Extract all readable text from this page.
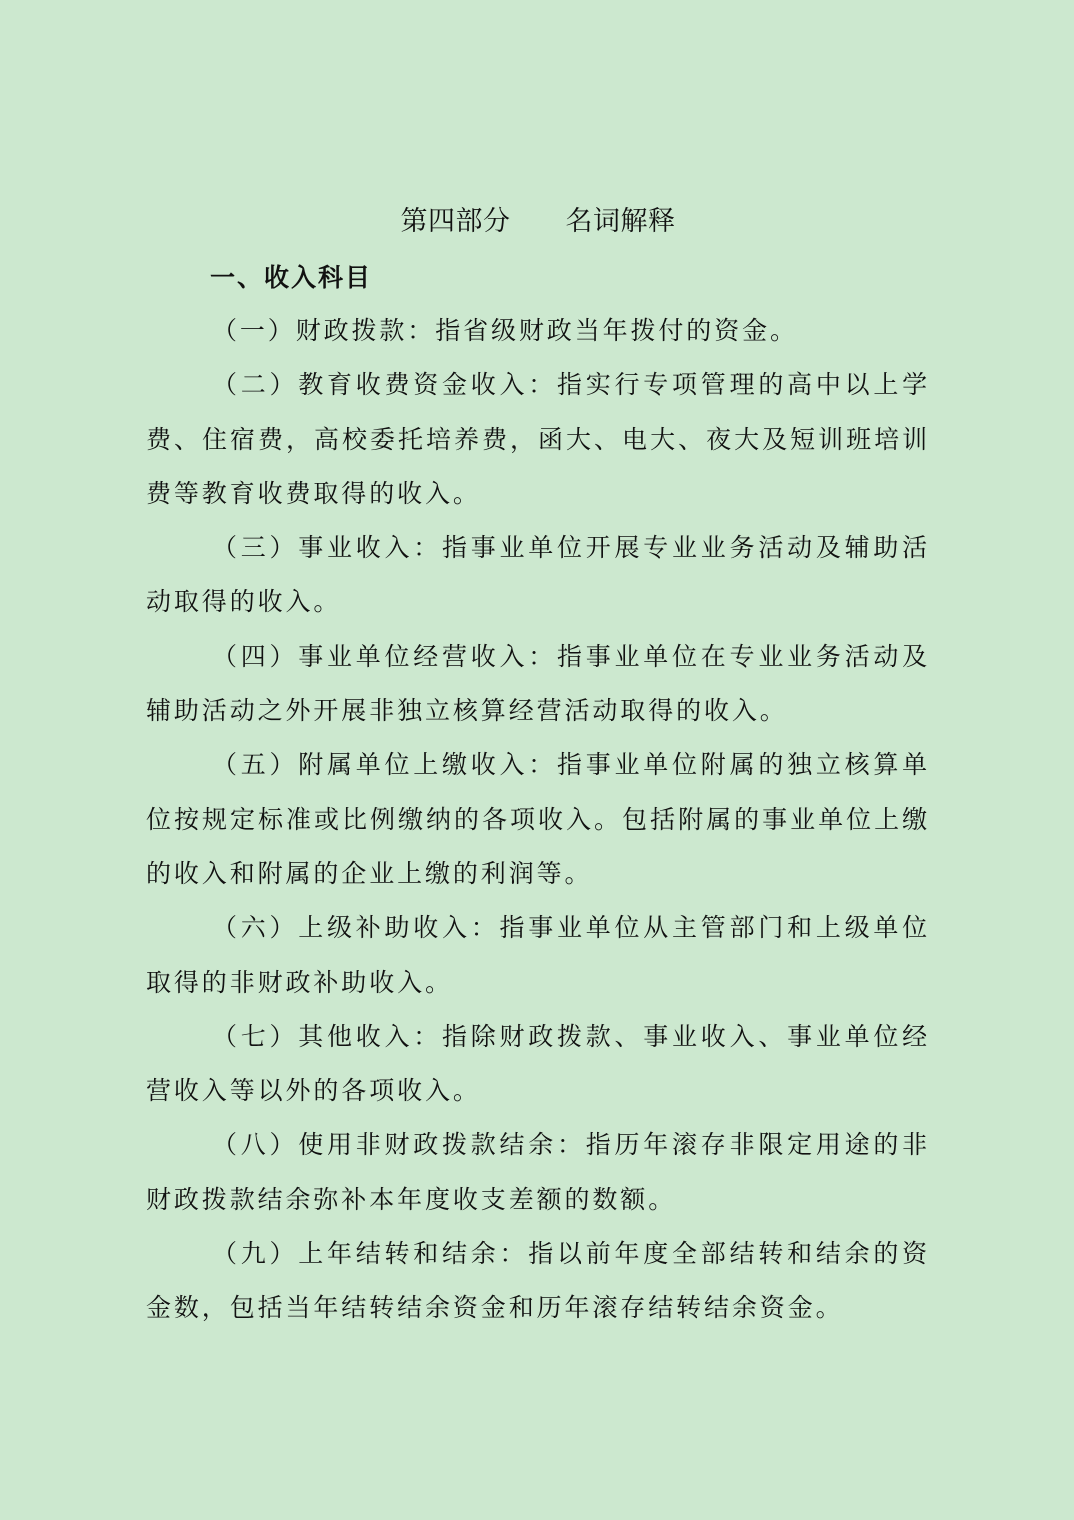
第四部分　　名词解释
一、收入科目

（一）财政拨款：指省级财政当年拨付的资金。

（二）教育收费资金收入：指实行专项管理的高中以上学费、住宿费，高校委托培养费，函大、电大、夜大及短训班培训费等教育收费取得的收入。

（三）事业收入：指事业单位开展专业业务活动及辅助活动取得的收入。

（四）事业单位经营收入：指事业单位在专业业务活动及辅助活动之外开展非独立核算经营活动取得的收入。

（五）附属单位上缴收入：指事业单位附属的独立核算单位按规定标准或比例缴纳的各项收入。包括附属的事业单位上缴的收入和附属的企业上缴的利润等。

（六）上级补助收入：指事业单位从主管部门和上级单位取得的非财政补助收入。

（七）其他收入：指除财政拨款、事业收入、事业单位经营收入等以外的各项收入。

（八）使用非财政拨款结余：指历年滚存非限定用途的非财政拨款结余弥补本年度收支差额的数额。

（九）上年结转和结余：指以前年度全部结转和结余的资金数，包括当年结转结余资金和历年滚存结转结余资金。
